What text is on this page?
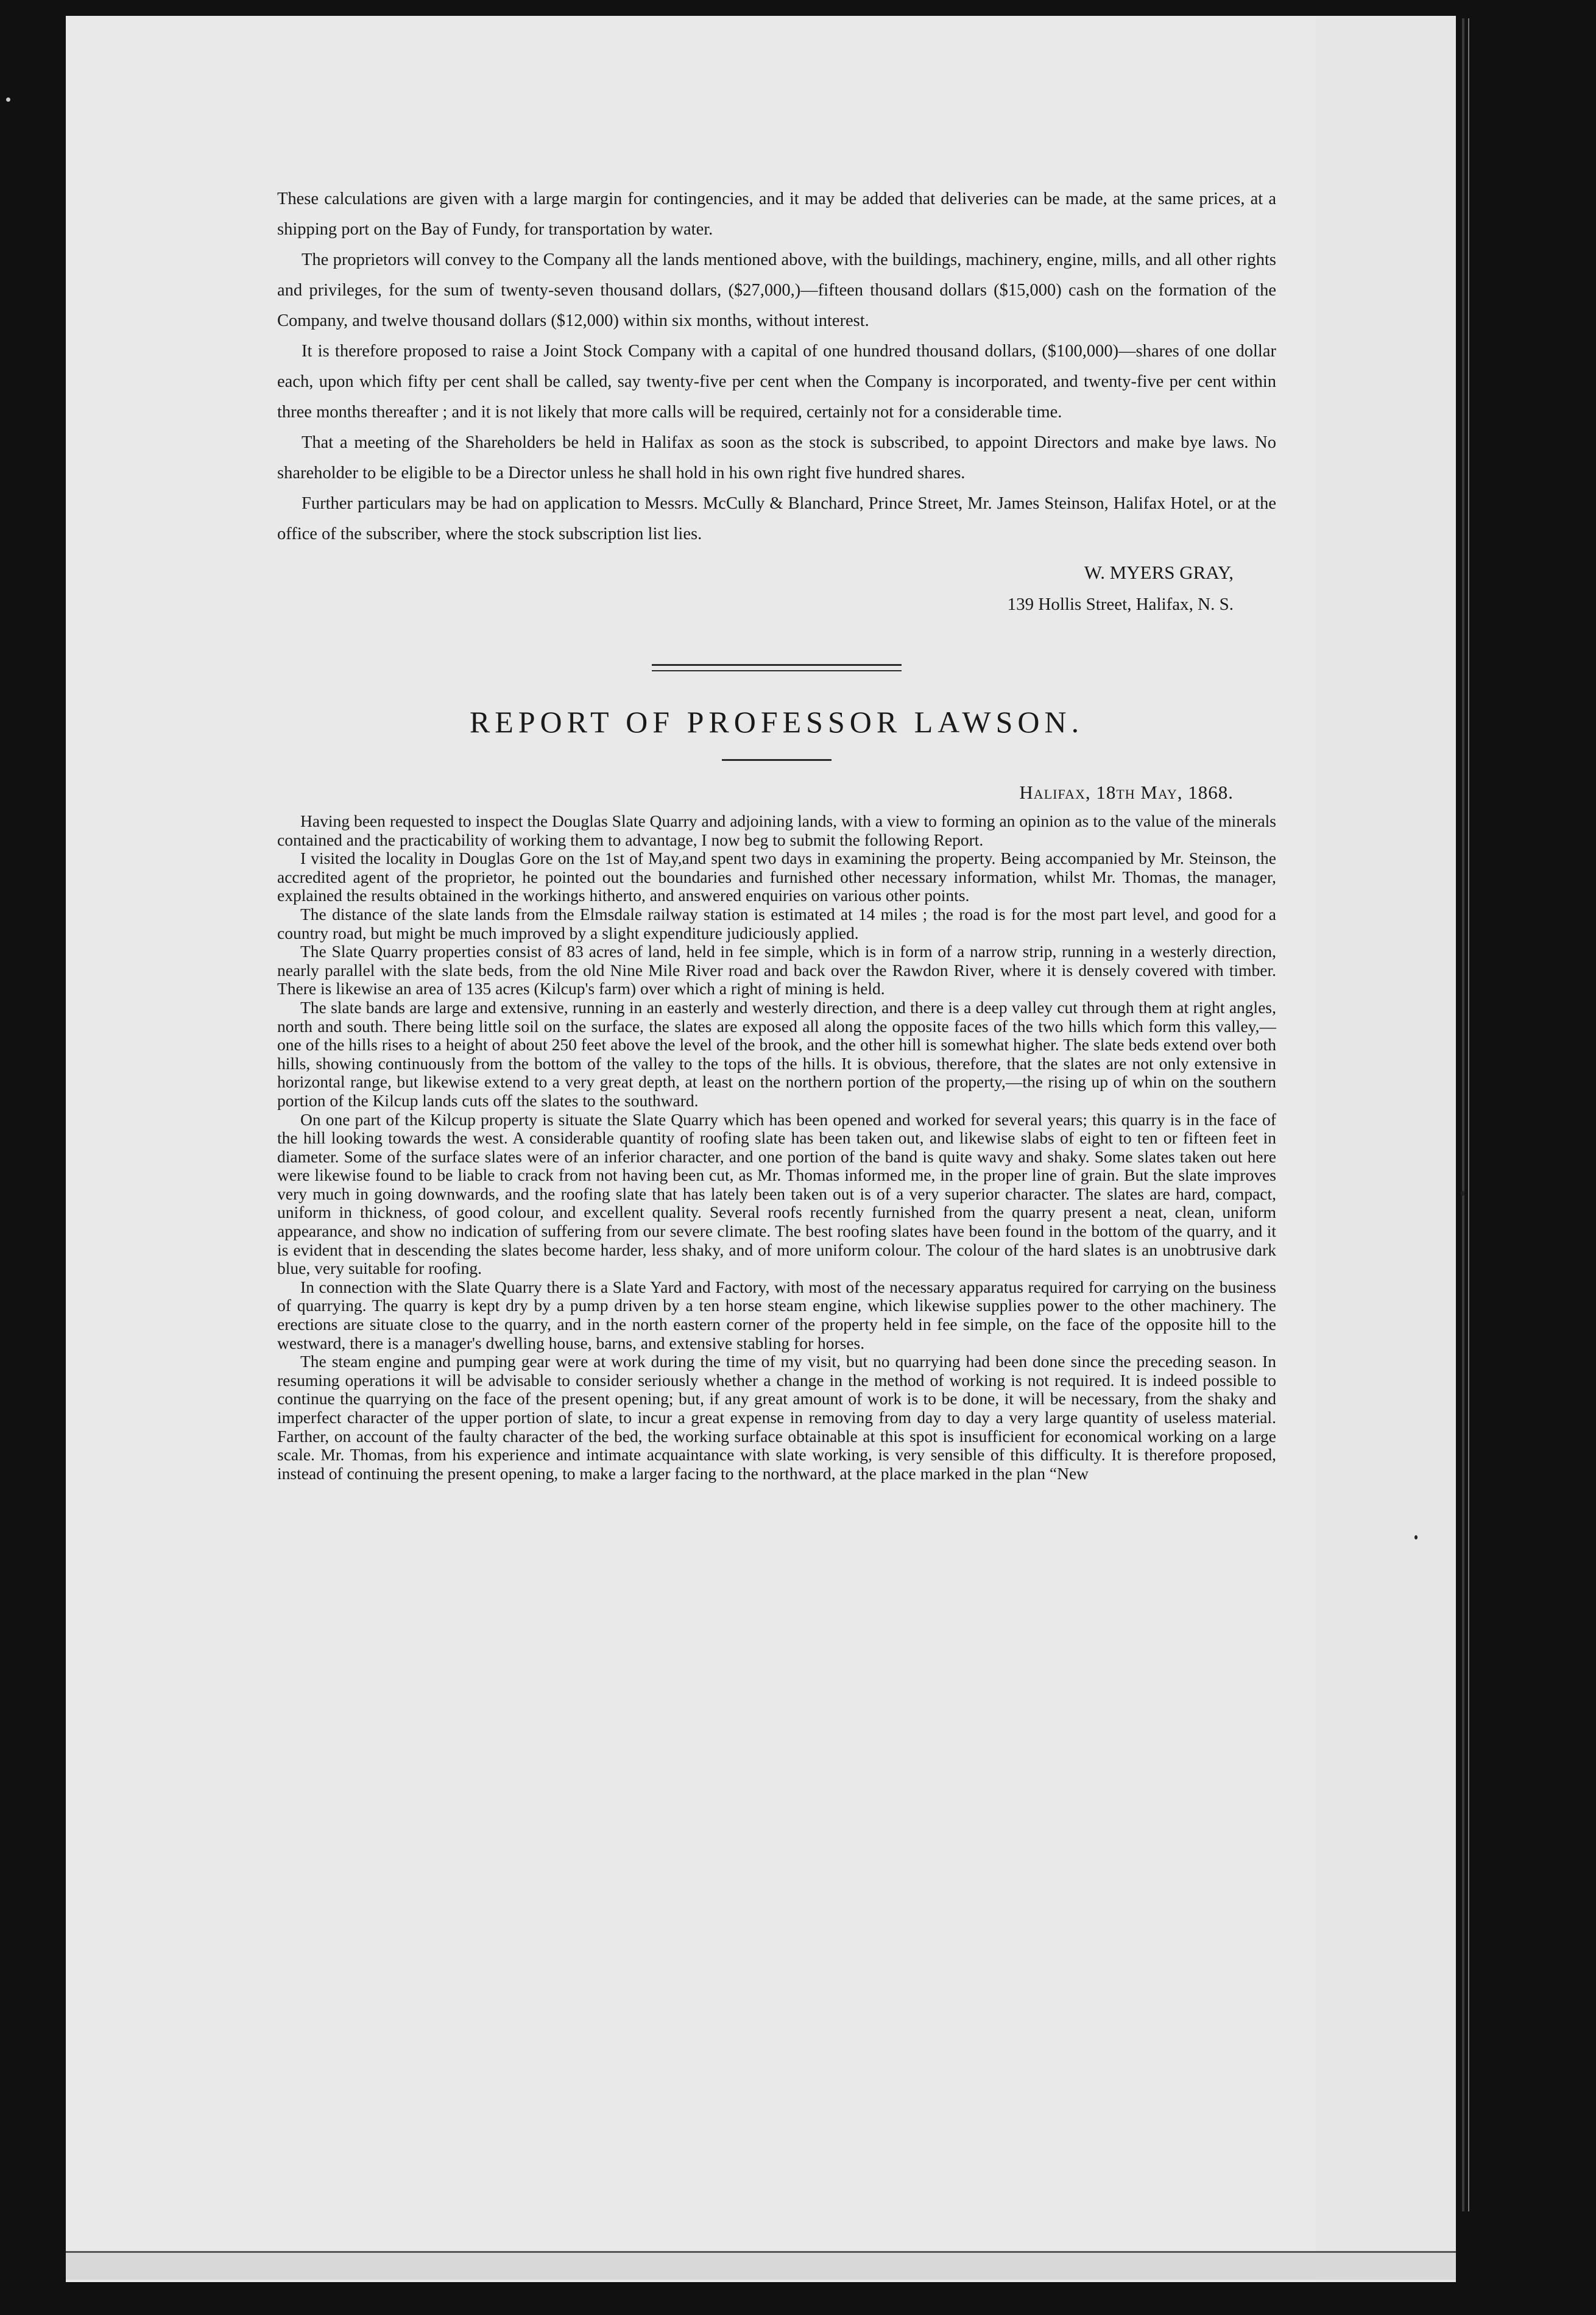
These calculations are given with a large margin for contingencies, and it may be added that deliveries can be made, at the same prices, at a shipping port on the Bay of Fundy, for transportation by water.

The proprietors will convey to the Company all the lands mentioned above, with the buildings, machinery, engine, mills, and all other rights and privileges, for the sum of twenty-seven thousand dollars, ($27,000,)—fifteen thousand dollars ($15,000) cash on the formation of the Company, and twelve thousand dollars ($12,000) within six months, without interest.

It is therefore proposed to raise a Joint Stock Company with a capital of one hundred thousand dollars, ($100,000)—shares of one dollar each, upon which fifty per cent shall be called, say twenty-five per cent when the Company is incorporated, and twenty-five per cent within three months thereafter ; and it is not likely that more calls will be required, certainly not for a considerable time.

That a meeting of the Shareholders be held in Halifax as soon as the stock is subscribed, to appoint Directors and make bye laws. No shareholder to be eligible to be a Director unless he shall hold in his own right five hundred shares.

Further particulars may be had on application to Messrs. McCully & Blanchard, Prince Street, Mr. James Steinson, Halifax Hotel, or at the office of the subscriber, where the stock subscription list lies.

W. MYERS GRAY,
139 Hollis Street, Halifax, N. S.
REPORT OF PROFESSOR LAWSON.
Halifax, 18th May, 1868.

Having been requested to inspect the Douglas Slate Quarry and adjoining lands, with a view to forming an opinion as to the value of the minerals contained and the practicability of working them to advantage, I now beg to submit the following Report.

I visited the locality in Douglas Gore on the 1st of May,and spent two days in examining the property. Being accompanied by Mr. Steinson, the accredited agent of the proprietor, he pointed out the boundaries and furnished other necessary information, whilst Mr. Thomas, the manager, explained the results obtained in the workings hitherto, and answered enquiries on various other points.

The distance of the slate lands from the Elmsdale railway station is estimated at 14 miles ; the road is for the most part level, and good for a country road, but might be much improved by a slight expenditure judiciously applied.

The Slate Quarry properties consist of 83 acres of land, held in fee simple, which is in form of a narrow strip, running in a westerly direction, nearly parallel with the slate beds, from the old Nine Mile River road and back over the Rawdon River, where it is densely covered with timber. There is likewise an area of 135 acres (Kilcup's farm) over which a right of mining is held.

The slate bands are large and extensive, running in an easterly and westerly direction, and there is a deep valley cut through them at right angles, north and south. There being little soil on the surface, the slates are exposed all along the opposite faces of the two hills which form this valley,—one of the hills rises to a height of about 250 feet above the level of the brook, and the other hill is somewhat higher. The slate beds extend over both hills, showing continuously from the bottom of the valley to the tops of the hills. It is obvious, therefore, that the slates are not only extensive in horizontal range, but likewise extend to a very great depth, at least on the northern portion of the property,—the rising up of whin on the southern portion of the Kilcup lands cuts off the slates to the southward.

On one part of the Kilcup property is situate the Slate Quarry which has been opened and worked for several years; this quarry is in the face of the hill looking towards the west. A considerable quantity of roofing slate has been taken out, and likewise slabs of eight to ten or fifteen feet in diameter. Some of the surface slates were of an inferior character, and one portion of the band is quite wavy and shaky. Some slates taken out here were likewise found to be liable to crack from not having been cut, as Mr. Thomas informed me, in the proper line of grain. But the slate improves very much in going downwards, and the roofing slate that has lately been taken out is of a very superior character. The slates are hard, compact, uniform in thickness, of good colour, and excellent quality. Several roofs recently furnished from the quarry present a neat, clean, uniform appearance, and show no indication of suffering from our severe climate. The best roofing slates have been found in the bottom of the quarry, and it is evident that in descending the slates become harder, less shaky, and of more uniform colour. The colour of the hard slates is an unobtrusive dark blue, very suitable for roofing.

In connection with the Slate Quarry there is a Slate Yard and Factory, with most of the necessary apparatus required for carrying on the business of quarrying. The quarry is kept dry by a pump driven by a ten horse steam engine, which likewise supplies power to the other machinery. The erections are situate close to the quarry, and in the north eastern corner of the property held in fee simple, on the face of the opposite hill to the westward, there is a manager's dwelling house, barns, and extensive stabling for horses.

The steam engine and pumping gear were at work during the time of my visit, but no quarrying had been done since the preceding season. In resuming operations it will be advisable to consider seriously whether a change in the method of working is not required. It is indeed possible to continue the quarrying on the face of the present opening; but, if any great amount of work is to be done, it will be necessary, from the shaky and imperfect character of the upper portion of slate, to incur a great expense in removing from day to day a very large quantity of useless material. Farther, on account of the faulty character of the bed, the working surface obtainable at this spot is insufficient for economical working on a large scale. Mr. Thomas, from his experience and intimate acquaintance with slate working, is very sensible of this difficulty. It is therefore proposed, instead of continuing the present opening, to make a larger facing to the northward, at the place marked in the plan “New
